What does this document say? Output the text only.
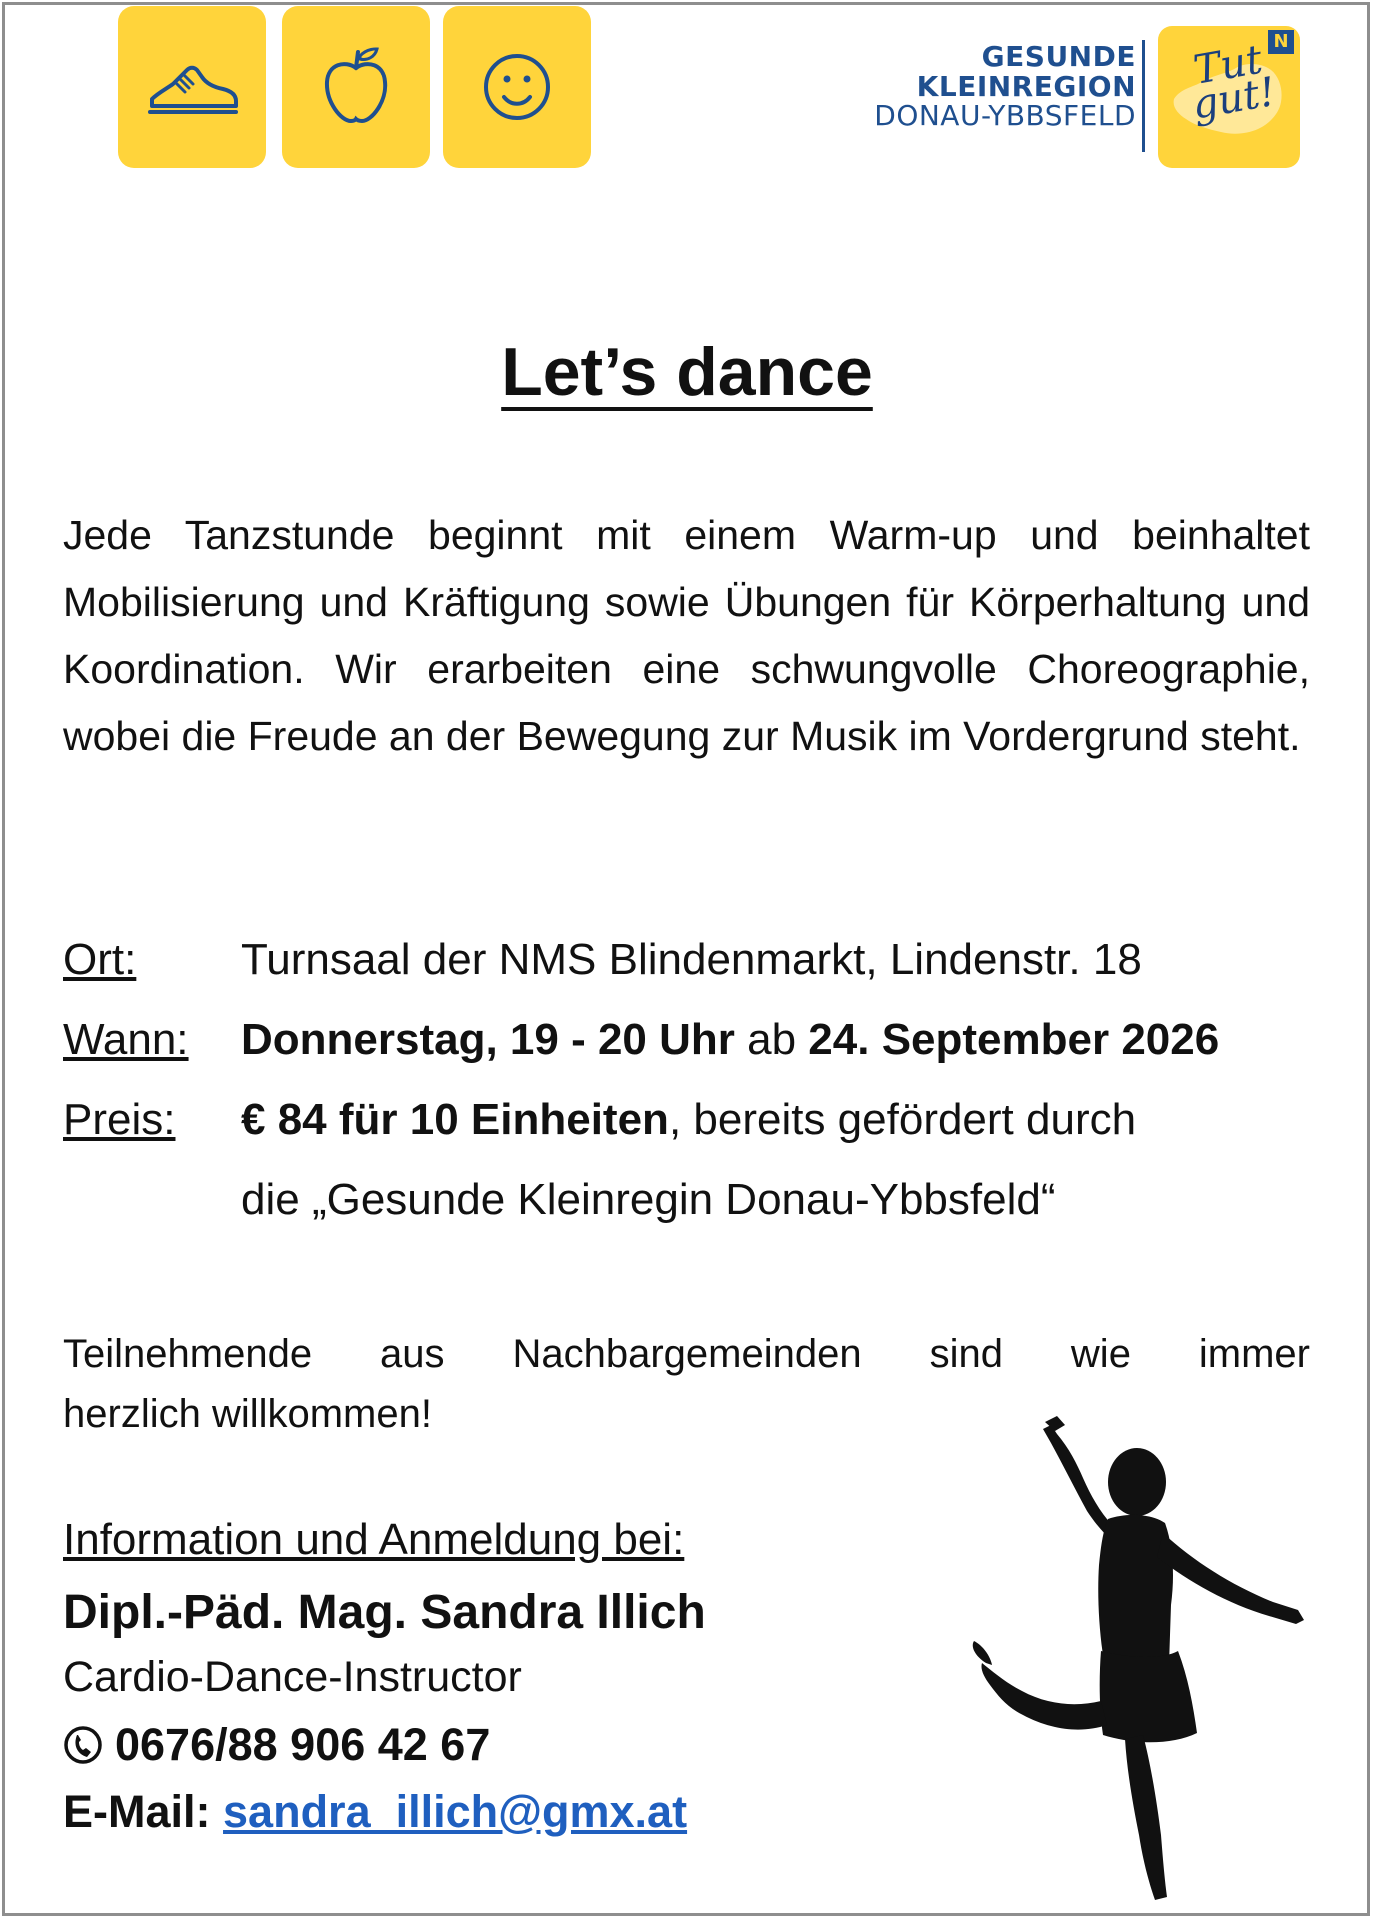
GESUNDE
KLEINREGION
DONAU-YBBSFELD
N
Tut gut!
Let’s dance
Jede Tanzstunde beginnt mit einem Warm-up und beinhaltet Mobilisierung und Kräftigung sowie Übungen für Körperhaltung und Koordination. Wir erarbeiten eine schwungvolle Choreographie, wobei die Freude an der Bewegung zur Musik im Vordergrund steht.
Ort: Turnsaal der NMS Blindenmarkt, Lindenstr. 18
Wann: Donnerstag, 19 - 20 Uhr ab 24. September 2026
Preis: € 84 für 10 Einheiten, bereits gefördert durch
die „Gesunde Kleinregin Donau-Ybbsfeld“
Teilnehmende aus Nachbargemeinden sind wie immer
herzlich willkommen!
Information und Anmeldung bei:
Dipl.-Päd. Mag. Sandra Illich
Cardio-Dance-Instructor
0676/88 906 42 67
E-Mail: sandra_illich@gmx.at
